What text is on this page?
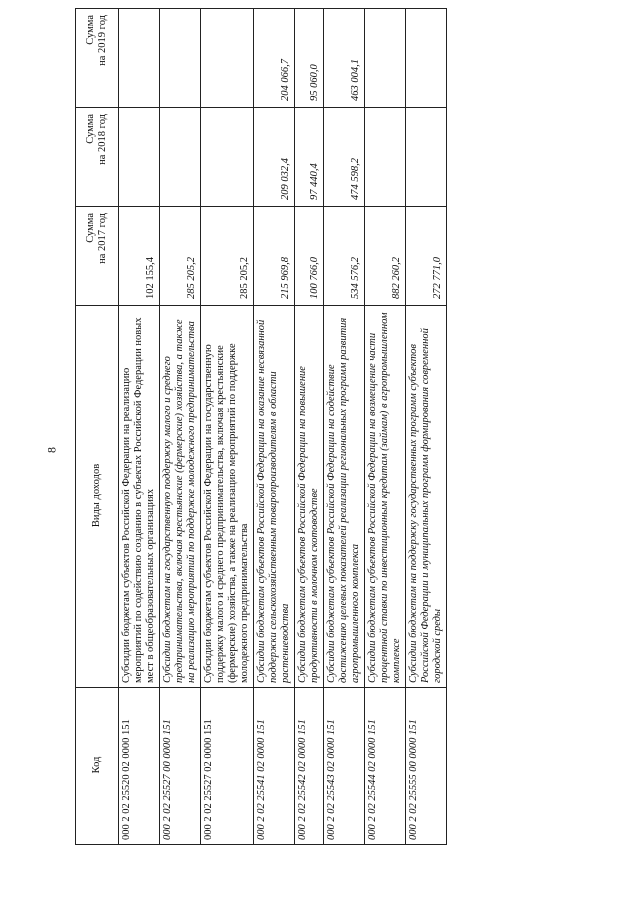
8
Код	Виды доходов	Сумма на 2017 год	Сумма на 2018 год	Сумма на 2019 год

000 2 02 25520 02 0000 151	Субсидии бюджетам субъектов Российской Федерации на реализацию мероприятий по содействию созданию в субъектах Российской Федерации новых мест в общеобразовательных организациях	102 155,4		
000 2 02 25527 00 0000 151	Субсидии бюджетам на государственную поддержку малого и среднего предпринимательства, включая крестьянские (фермерские) хозяйства, а также на реализацию мероприятий по поддержке молодежного предпринимательства	285 205,2		
000 2 02 25527 02 0000 151	Субсидии бюджетам субъектов Российской Федерации на государственную поддержку малого и среднего предпринимательства, включая крестьянские (фермерские) хозяйства, а также на реализацию мероприятий по поддержке молодежного предпринимательства	285 205,2		
000 2 02 25541 02 0000 151	Субсидии бюджетам субъектов Российской Федерации на оказание несвязанной поддержки сельскохозяйственным товаропроизводителям в области растениеводства	215 969,8	209 032,4	204 066,7
000 2 02 25542 02 0000 151	Субсидии бюджетам субъектов Российской Федерации на повышение продуктивности в молочном скотоводстве	100 766,0	97 440,4	95 060,0
000 2 02 25543 02 0000 151	Субсидии бюджетам субъектов Российской Федерации на содействие достижению целевых показателей реализации региональных программ развития агропромышленного комплекса	534 576,2	474 598,2	463 004,1
000 2 02 25544 02 0000 151	Субсидии бюджетам субъектов Российской Федерации на возмещение части процентной ставки по инвестиционным кредитам (займам) в агропромышленном комплексе	882 260,2		
000 2 02 25555 00 0000 151	Субсидии бюджетам на поддержку государственных программ субъектов Российской Федерации и муниципальных программ формирования современной городской среды	272 771,0		
